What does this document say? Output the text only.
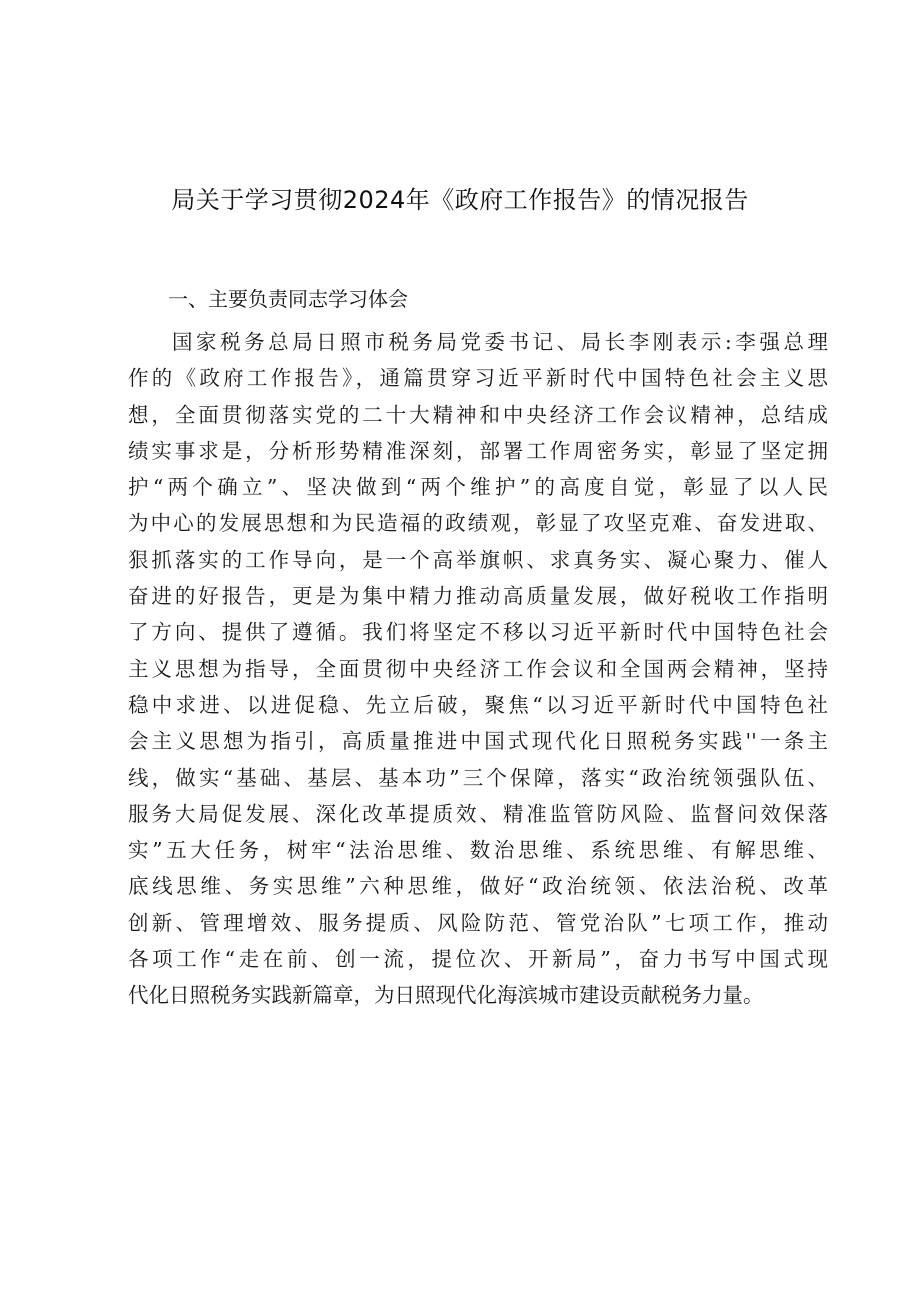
局关于学习贯彻2024年《政府工作报告》的情况报告
一、主要负责同志学习体会
国家税务总局日照市税务局党委书记、局长李刚表示:李强总理
作的《政府工作报告》，通篇贯穿习近平新时代中国特色社会主义思
想，全面贯彻落实党的二十大精神和中央经济工作会议精神，总结成
绩实事求是，分析形势精准深刻，部署工作周密务实，彰显了坚定拥
护“两个确立”、坚决做到“两个维护”的高度自觉，彰显了以人民
为中心的发展思想和为民造福的政绩观，彰显了攻坚克难、奋发进取、
狠抓落实的工作导向，是一个高举旗帜、求真务实、凝心聚力、催人
奋进的好报告，更是为集中精力推动高质量发展，做好税收工作指明
了方向、提供了遵循。我们将坚定不移以习近平新时代中国特色社会
主义思想为指导，全面贯彻中央经济工作会议和全国两会精神，坚持
稳中求进、以进促稳、先立后破，聚焦“以习近平新时代中国特色社
会主义思想为指引，高质量推进中国式现代化日照税务实践''一条主
线，做实“基础、基层、基本功”三个保障，落实“政治统领强队伍、
服务大局促发展、深化改革提质效、精准监管防风险、监督问效保落
实”五大任务，树牢“法治思维、数治思维、系统思维、有解思维、
底线思维、务实思维”六种思维，做好“政治统领、依法治税、改革
创新、管理增效、服务提质、风险防范、管党治队”七项工作，推动
各项工作“走在前、创一流，提位次、开新局”，奋力书写中国式现
代化日照税务实践新篇章，为日照现代化海滨城市建设贡献税务力量。
